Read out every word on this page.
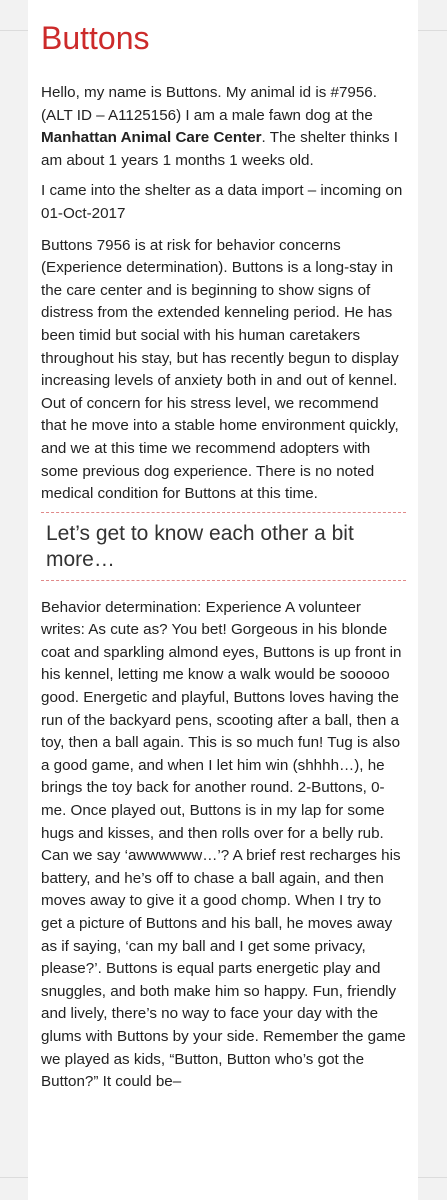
Buttons

Hello, my name is Buttons. My animal id is #7956. (ALT ID – A1125156) I am a male fawn dog at the Manhattan Animal Care Center. The shelter thinks I am about 1 years 1 months 1 weeks old.

I came into the shelter as a data import – incoming on 01-Oct-2017

Buttons 7956 is at risk for behavior concerns (Experience determination). Buttons is a long-stay in the care center and is beginning to show signs of distress from the extended kenneling period. He has been timid but social with his human caretakers throughout his stay, but has recently begun to display increasing levels of anxiety both in and out of kennel. Out of concern for his stress level, we recommend that he move into a stable home environment quickly, and we at this time we recommend adopters with some previous dog experience. There is no noted medical condition for Buttons at this time.

Let’s get to know each other a bit more…

Behavior determination: Experience A volunteer writes: As cute as? You bet! Gorgeous in his blonde coat and sparkling almond eyes, Buttons is up front in his kennel, letting me know a walk would be sooooo good. Energetic and playful, Buttons loves having the run of the backyard pens, scooting after a ball, then a toy, then a ball again. This is so much fun! Tug is also a good game, and when I let him win (shhhh…), he brings the toy back for another round. 2-Buttons, 0-me. Once played out, Buttons is in my lap for some hugs and kisses, and then rolls over for a belly rub. Can we say ‘awwwwww…’? A brief rest recharges his battery, and he’s off to chase a ball again, and then moves away to give it a good chomp. When I try to get a picture of Buttons and his ball, he moves away as if saying, ‘can my ball and I get some privacy, please?’. Buttons is equal parts energetic play and snuggles, and both make him so happy. Fun, friendly and lively, there’s no way to face your day with the glums with Buttons by your side. Remember the game we played as kids, “Button, Button who’s got the Button?” It could be–
